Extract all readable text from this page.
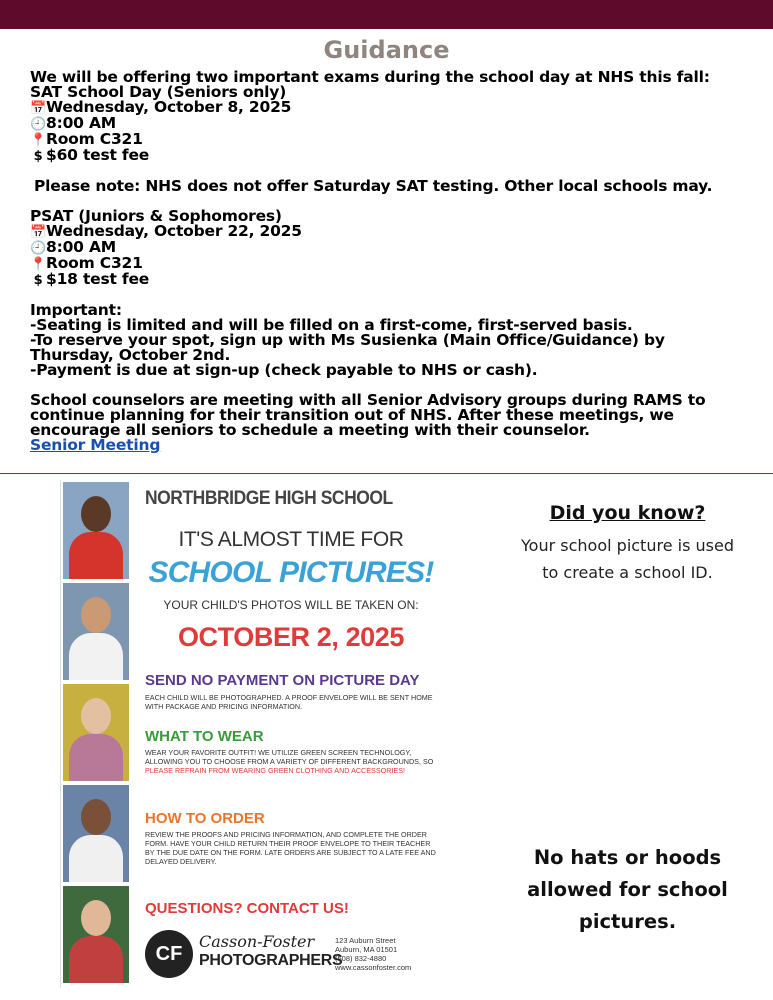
Guidance
We will be offering two important exams during the school day at NHS this fall:
SAT School Day (Seniors only)
📅Wednesday, October 8, 2025
🕘8:00 AM
📍Room C321
$ $60 test fee
Please note: NHS does not offer Saturday SAT testing. Other local schools may.
PSAT (Juniors & Sophomores)
📅Wednesday, October 22, 2025
🕘8:00 AM
📍Room C321
$ $18 test fee
Important:
-Seating is limited and will be filled on a first-come, first-served basis.
-To reserve your spot, sign up with Ms Susienka (Main Office/Guidance) by Thursday, October 2nd.
-Payment is due at sign-up (check payable to NHS or cash).
School counselors are meeting with all Senior Advisory groups during RAMS to continue planning for their transition out of NHS. After these meetings, we encourage all seniors to schedule a meeting with their counselor.
Senior Meeting
NORTHBRIDGE HIGH SCHOOL
IT'S ALMOST TIME FOR
SCHOOL PICTURES!
YOUR CHILD'S PHOTOS WILL BE TAKEN ON:
OCTOBER 2, 2025
SEND NO PAYMENT ON PICTURE DAY
EACH CHILD WILL BE PHOTOGRAPHED. A PROOF ENVELOPE WILL BE SENT HOME WITH PACKAGE AND PRICING INFORMATION.
WHAT TO WEAR
WEAR YOUR FAVORITE OUTFIT! WE UTILIZE GREEN SCREEN TECHNOLOGY, ALLOWING YOU TO CHOOSE FROM A VARIETY OF DIFFERENT BACKGROUNDS, SO PLEASE REFRAIN FROM WEARING GREEN CLOTHING AND ACCESSORIES!
HOW TO ORDER
REVIEW THE PROOFS AND PRICING INFORMATION, AND COMPLETE THE ORDER FORM. HAVE YOUR CHILD RETURN THEIR PROOF ENVELOPE TO THEIR TEACHER BY THE DUE DATE ON THE FORM. LATE ORDERS ARE SUBJECT TO A LATE FEE AND DELAYED DELIVERY.
QUESTIONS? CONTACT US!
CF
Casson-Foster
PHOTOGRAPHERS
123 Auburn Street
Auburn, MA 01501
(508) 832-4880
www.cassonfoster.com
Did you know?
Your school picture is used to create a school ID.
No hats or hoods allowed for school pictures.
